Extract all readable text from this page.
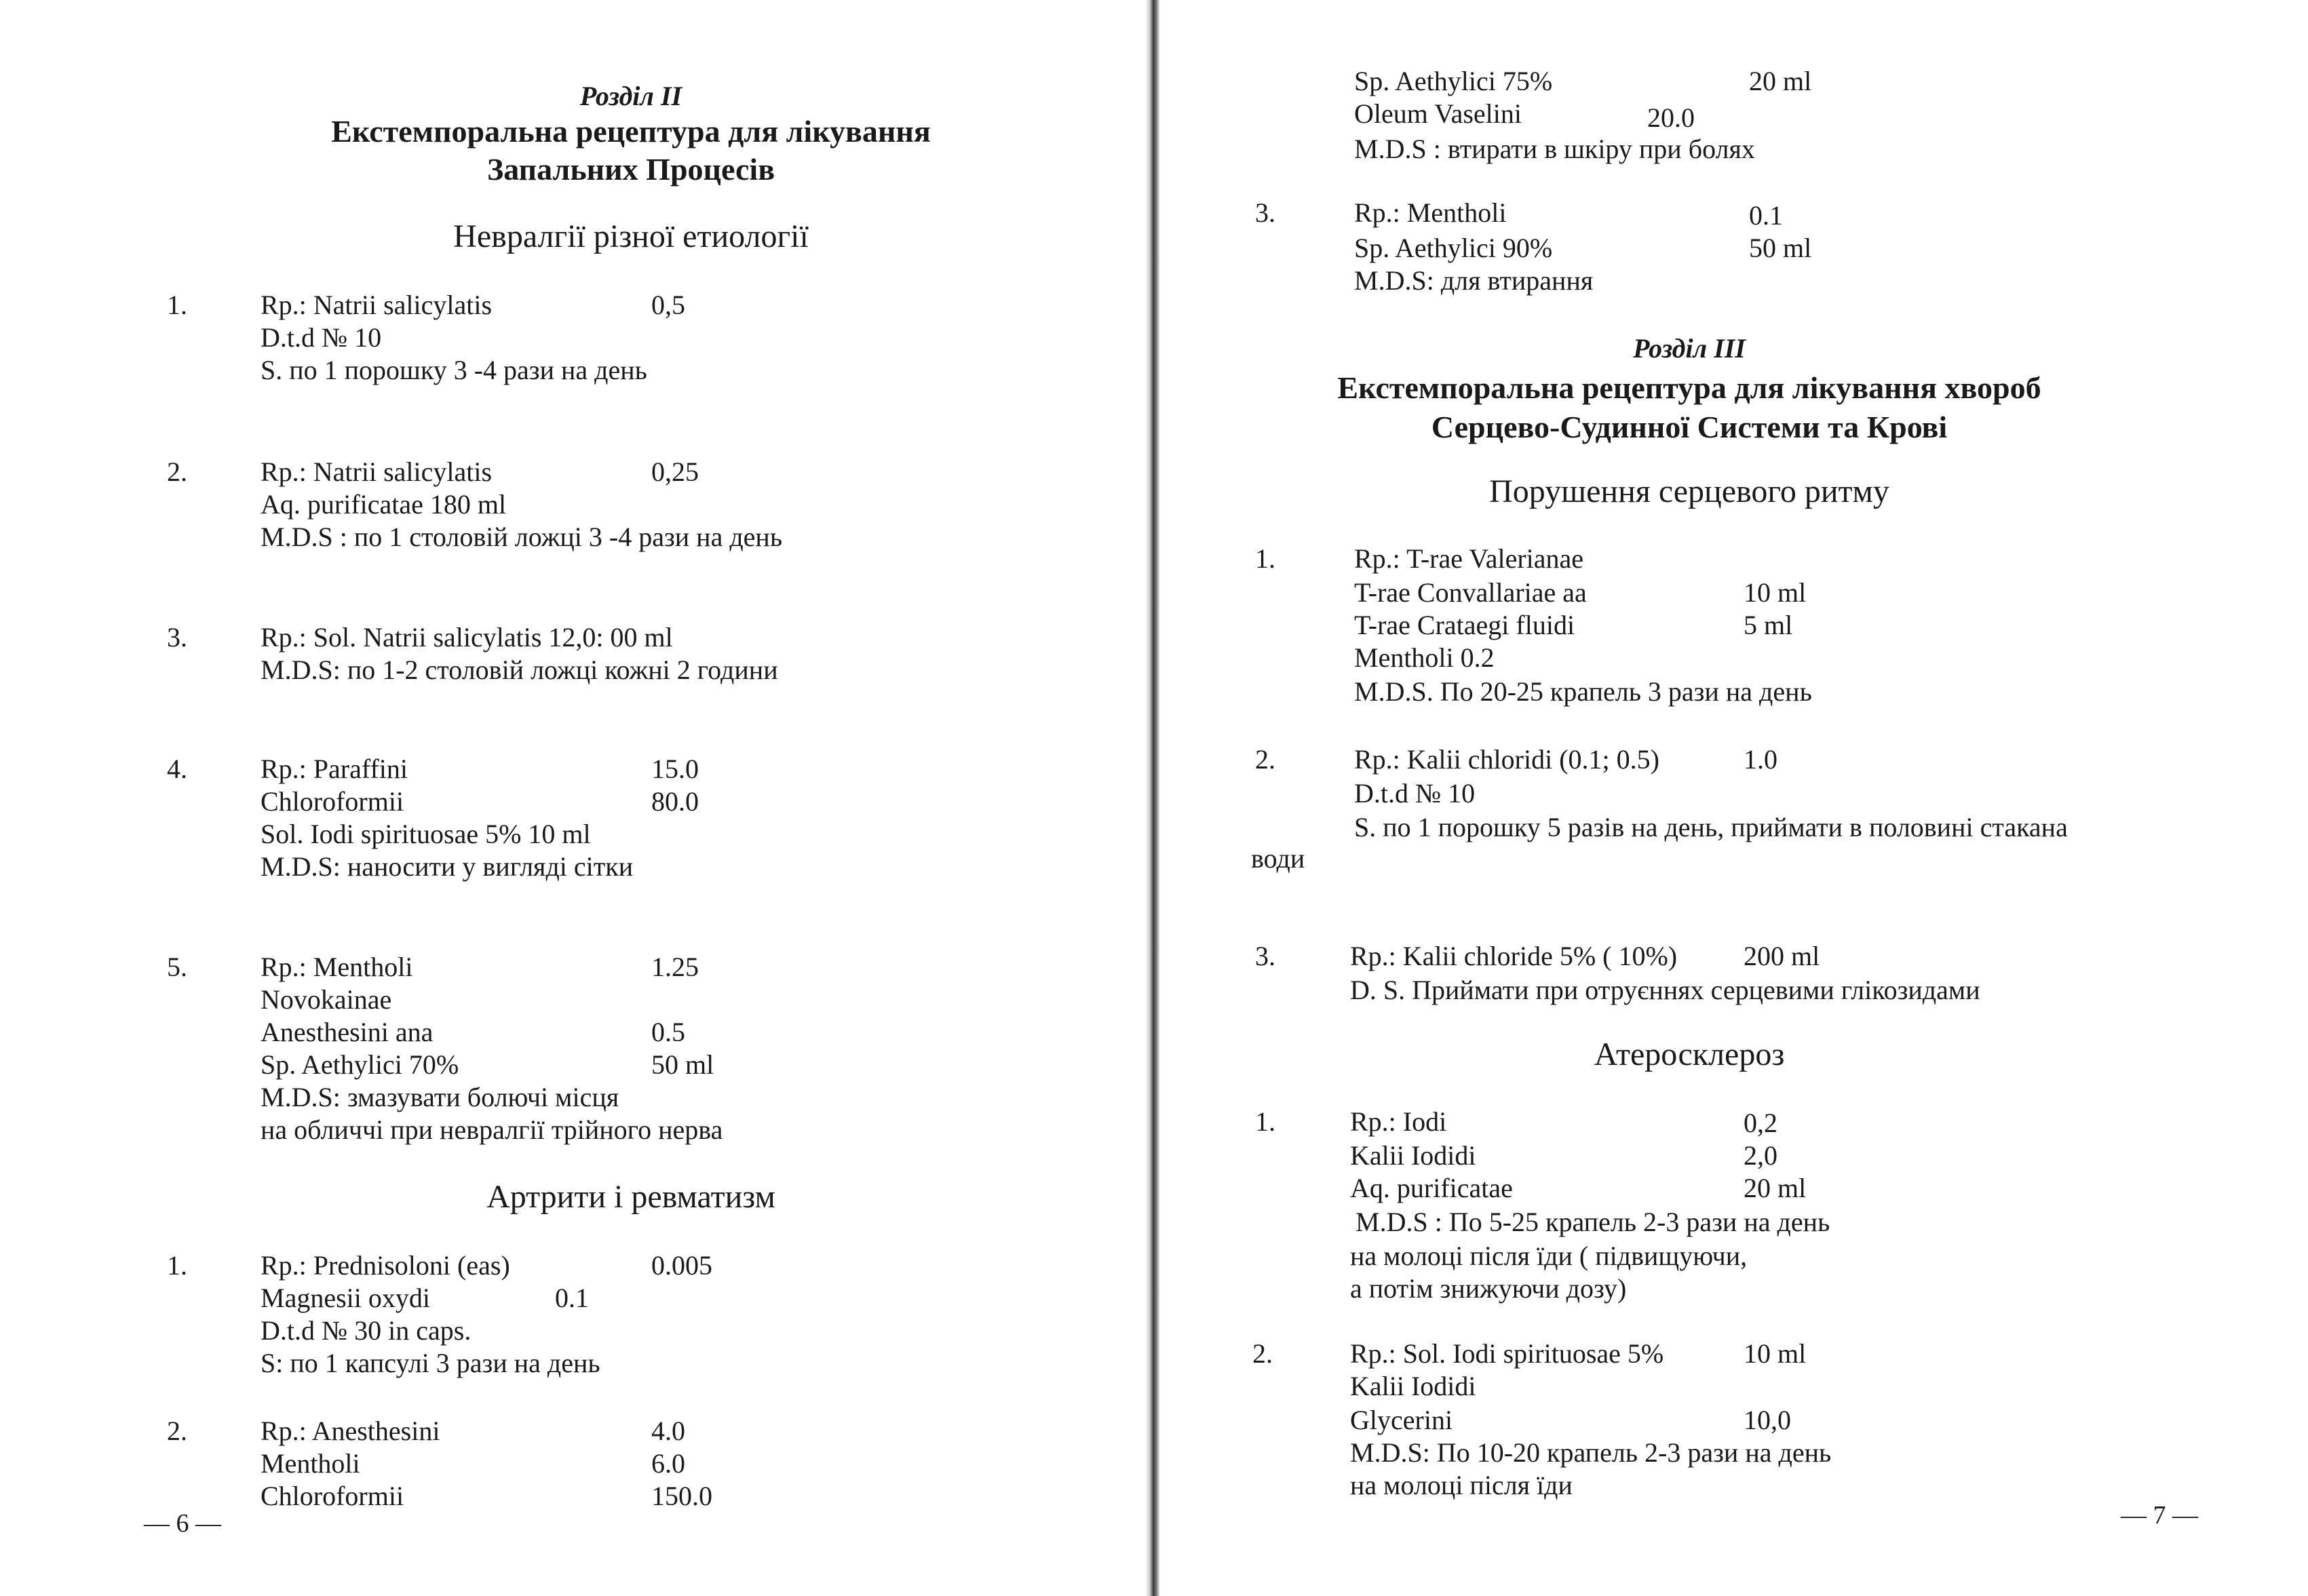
Розділ II
Екстемпоральна рецептура для лікування
Запальних Процесів
Невралгії різної етиології
1.	Rp.: Natrii salicylatis	0,5
D.t.d № 10
S. по 1 порошку 3 -4 рази на день
2.	Rp.: Natrii salicylatis	0,25
Aq. purificatae 180 ml
M.D.S : по 1 столовій ложці 3 -4 рази на день
3.	Rp.: Sol. Natrii salicylatis 12,0: 00 ml
M.D.S: по 1-2 столовій ложці кожні 2 години
4.	Rp.: Paraffini	15.0
Chloroformii	80.0
Sol. Iodi spirituosae 5% 10 ml
M.D.S: наносити у вигляді сітки
5.	Rp.: Mentholi	1.25
Novokainae
Anesthesini ana	0.5
Sp. Aethylici 70%	50 ml
M.D.S: змазувати болючі місця
на обличчі при невралгії трійного нерва
Артрити і ревматизм
1.	Rp.: Prednisoloni (eas)	0.005
Magnesii oxydi	0.1
D.t.d № 30 in caps.
S: по 1 капсулі 3 рази на день
2.	Rp.: Anesthesini	4.0
Mentholi	6.0
Chloroformii	150.0
— 6 —
Sp. Aethylici 75%	20 ml
Oleum Vaselini	20.0
M.D.S : втирати в шкіру при болях
3.	Rp.: Mentholi	0.1
Sp. Aethylici 90%	50 ml
M.D.S: для втирання
Розділ III
Екстемпоральна рецептура для лікування хвороб
Серцево-Судинної Системи та Крові
Порушення серцевого ритму
1.	Rp.: T-rae Valerianae
T-rae Convallariae aa	10 ml
T-rae Crataegi fluidi	5 ml
Mentholi 0.2
M.D.S. По 20-25 крапель 3 рази на день
2.	Rp.: Kalii chloridi (0.1; 0.5)	1.0
D.t.d № 10
S. по 1 порошку 5 разів на день, приймати в половині стакана
води
3.	Rp.: Kalii chloride 5% ( 10%) 200 ml
D. S. Приймати при отруєннях серцевими глікозидами
Атеросклероз
1.	Rp.: Iodi	0,2
Kalii Iodidi	2,0
Aq. purificatae	20 ml
M.D.S : По 5-25 крапель 2-3 рази на день
на молоці після їди ( підвищуючи,
а потім знижуючи дозу)
2.	Rp.: Sol. Iodi spirituosae 5%	10 ml
Kalii Iodidi
Glycerini	10,0
M.D.S: По 10-20 крапель 2-3 рази на день
на молоці після їди
— 7 —
